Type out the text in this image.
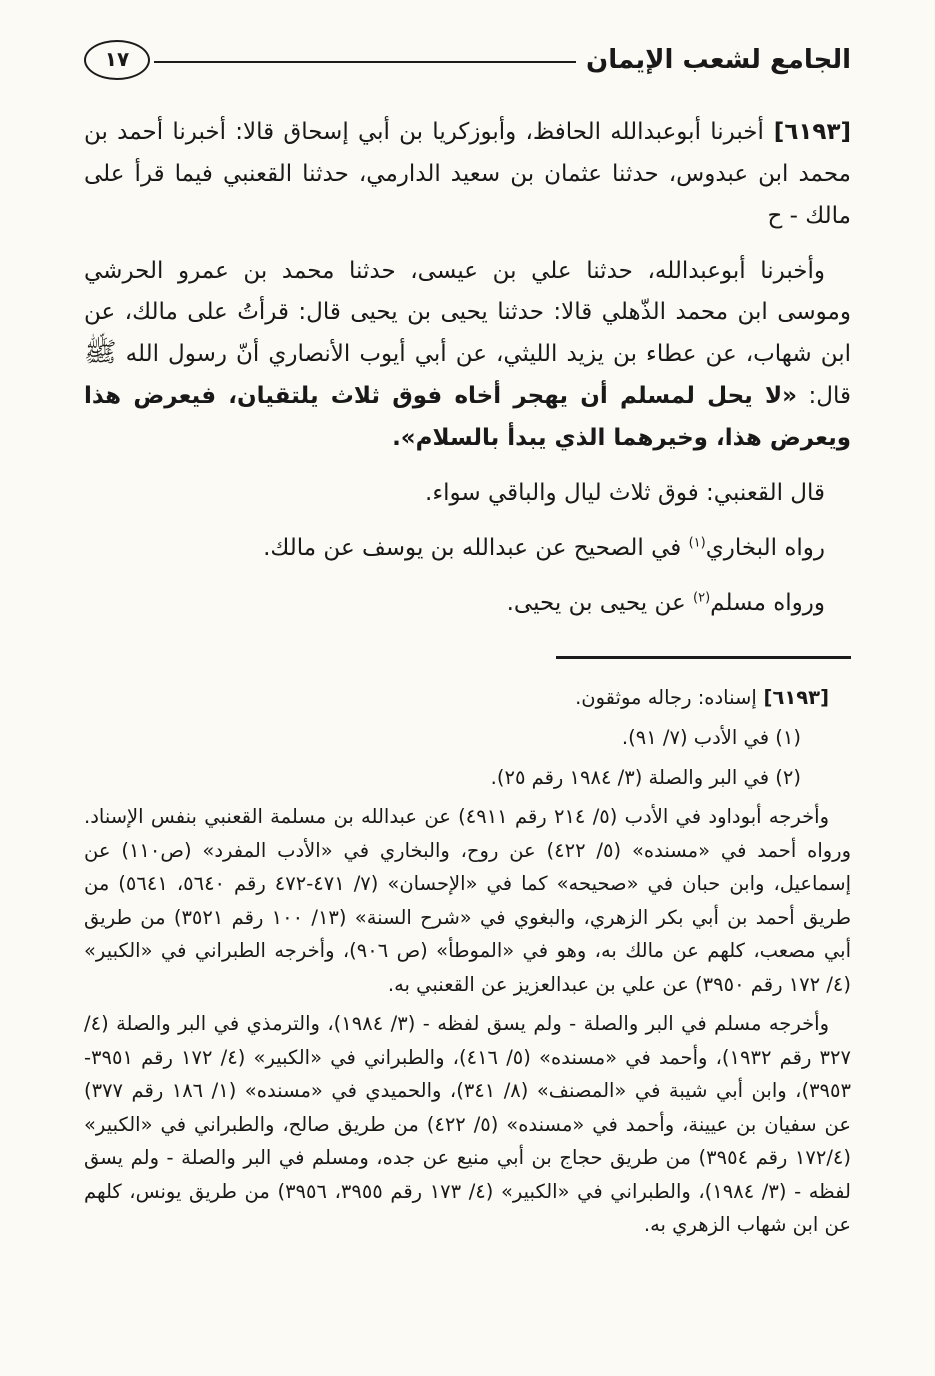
الجامع لشعب الإيمان
١٧

[٦١٩٣] أخبرنا أبوعبدالله الحافظ، وأبوزكريا بن أبي إسحاق قالا: أخبرنا أحمد بن محمد ابن عبدوس، حدثنا عثمان بن سعيد الدارمي، حدثنا القعنبي فيما قرأ على مالك - ح

وأخبرنا أبوعبدالله، حدثنا علي بن عيسى، حدثنا محمد بن عمرو الحرشي وموسى ابن محمد الذّهلي قالا: حدثنا يحيى بن يحيى قال: قرأتُ على مالك، عن ابن شهاب، عن عطاء بن يزيد الليثي، عن أبي أيوب الأنصاري أنّ رسول الله ﷺ قال: «لا يحل لمسلم أن يهجر أخاه فوق ثلاث يلتقيان، فيعرض هذا ويعرض هذا، وخيرهما الذي يبدأ بالسلام».

قال القعنبي: فوق ثلاث ليال والباقي سواء.

رواه البخاري$^{(١)}$ في الصحيح عن عبدالله بن يوسف عن مالك.

ورواه مسلم$^{(٢)}$ عن يحيى بن يحيى.

[٦١٩٣] إسناده: رجاله موثقون.

(١) في الأدب (٧/ ٩١).

(٢) في البر والصلة (٣/ ١٩٨٤ رقم ٢٥).

وأخرجه أبوداود في الأدب (٥/ ٢١٤ رقم ٤٩١١) عن عبدالله بن مسلمة القعنبي بنفس الإسناد. ورواه أحمد في «مسنده» (٥/ ٤٢٢) عن روح، والبخاري في «الأدب المفرد» (ص١١٠) عن إسماعيل، وابن حبان في «صحيحه» كما في «الإحسان» (٧/ ٤٧١-٤٧٢ رقم ٥٦٤٠، ٥٦٤١) من طريق أحمد بن أبي بكر الزهري، والبغوي في «شرح السنة» (١٣/ ١٠٠ رقم ٣٥٢١) من طريق أبي مصعب، كلهم عن مالك به، وهو في «الموطأ» (ص ٩٠٦)، وأخرجه الطبراني في «الكبير» (٤/ ١٧٢ رقم ٣٩٥٠) عن علي بن عبدالعزيز عن القعنبي به.

وأخرجه مسلم في البر والصلة - ولم يسق لفظه - (٣/ ١٩٨٤)، والترمذي في البر والصلة (٤/ ٣٢٧ رقم ١٩٣٢)، وأحمد في «مسنده» (٥/ ٤١٦)، والطبراني في «الكبير» (٤/ ١٧٢ رقم ٣٩٥١- ٣٩٥٣)، وابن أبي شيبة في «المصنف» (٨/ ٣٤١)، والحميدي في «مسنده» (١/ ١٨٦ رقم ٣٧٧) عن سفيان بن عيينة، وأحمد في «مسنده» (٥/ ٤٢٢) من طريق صالح، والطبراني في «الكبير» (١٧٢/٤ رقم ٣٩٥٤) من طريق حجاج بن أبي منيع عن جده، ومسلم في البر والصلة - ولم يسق لفظه - (٣/ ١٩٨٤)، والطبراني في «الكبير» (٤/ ١٧٣ رقم ٣٩٥٥، ٣٩٥٦) من طريق يونس، كلهم عن ابن شهاب الزهري به.
